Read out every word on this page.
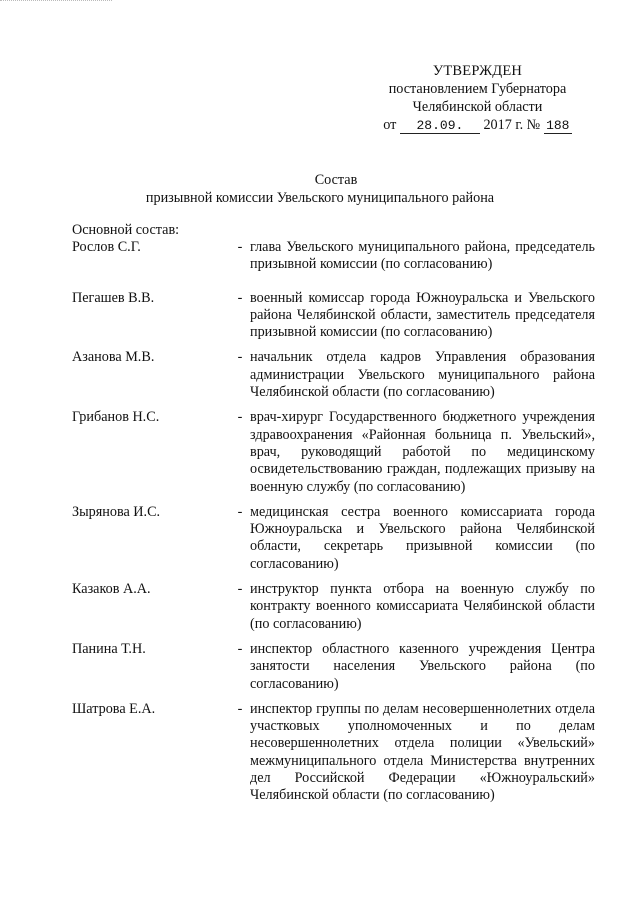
УТВЕРЖДЕН
постановлением Губернатора
Челябинской области
от 28.09. 2017 г. № 188
Состав
призывной комиссии Увельского муниципального района
Основной состав:
Рослов С.Г.	- глава Увельского муниципального района, председатель призывной комиссии (по согласованию)
Пегашев В.В.	- военный комиссар города Южноуральска и Увельского района Челябинской области, заместитель председателя призывной комиссии (по согласованию)
Азанова М.В.	- начальник отдела кадров Управления образования администрации Увельского муниципального района Челябинской области (по согласованию)
Грибанов Н.С.	- врач-хирург Государственного бюджетного учреждения здравоохранения «Районная больница п. Увельский», врач, руководящий работой по медицинскому освидетельствованию граждан, подлежащих призыву на военную службу (по согласованию)
Зырянова И.С.	- медицинская сестра военного комиссариата города Южноуральска и Увельского района Челябинской области, секретарь призывной комиссии (по согласованию)
Казаков А.А.	- инструктор пункта отбора на военную службу по контракту военного комиссариата Челябинской области (по согласованию)
Панина Т.Н.	- инспектор областного казенного учреждения Центра занятости населения Увельского района (по согласованию)
Шатрова Е.А.	- инспектор группы по делам несовершеннолетних отдела участковых уполномоченных и по делам несовершеннолетних отдела полиции «Увельский» межмуниципального отдела Министерства внутренних дел Российской Федерации «Южноуральский» Челябинской области (по согласованию)
